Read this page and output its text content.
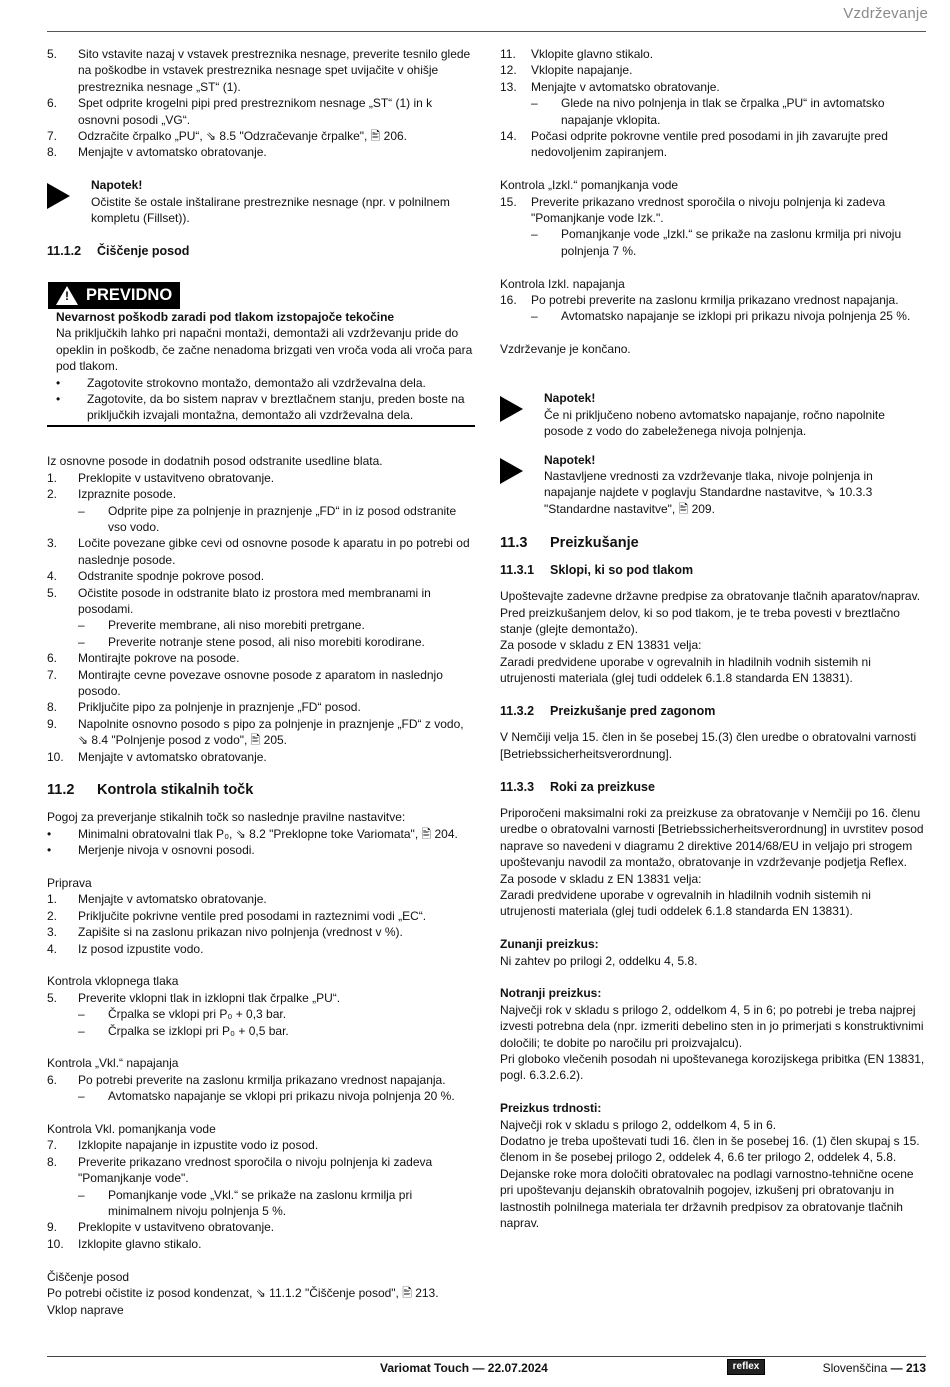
Vzdrževanje
5.	Sito vstavite nazaj v vstavek prestreznika nesnage, preverite tesnilo glede na poškodbe in vstavek prestreznika nesnage spet uvijačite v ohišje prestreznika nesnage „ST“ (1).
6.	Spet odprite krogelni pipi pred prestreznikom nesnage „ST“ (1) in k osnovni posodi „VG“.
7.	Odzračite črpalko „PU“, ⇘ 8.5 "Odzračevanje črpalke", 🖹 206.
8.	Menjajte v avtomatsko obratovanje.
Napotek!
Očistite še ostale inštalirane prestreznike nesnage (npr. v polnilnem kompletu (Fillset)).
11.1.2 Čiščenje posod
! PREVIDNO
Nevarnost poškodb zaradi pod tlakom izstopajoče tekočine
Na priključkih lahko pri napačni montaži, demontaži ali vzdrževanju pride do opeklin in poškodb, če začne nenadoma brizgati ven vroča voda ali vroča para pod tlakom.
•	Zagotovite strokovno montažo, demontažo ali vzdrževalna dela.
•	Zagotovite, da bo sistem naprav v breztlačnem stanju, preden boste na priključkih izvajali montažna, demontažo ali vzdrževalna dela.
Iz osnovne posode in dodatnih posod odstranite usedline blata.
1.	Preklopite v ustavitveno obratovanje.
2.	Izpraznite posode.
–	Odprite pipe za polnjenje in praznjenje „FD“ in iz posod odstranite vso vodo.
3.	Ločite povezane gibke cevi od osnovne posode k aparatu in po potrebi od naslednje posode.
4.	Odstranite spodnje pokrove posod.
5.	Očistite posode in odstranite blato iz prostora med membranami in posodami.
–	Preverite membrane, ali niso morebiti pretrgane.
–	Preverite notranje stene posod, ali niso morebiti korodirane.
6.	Montirajte pokrove na posode.
7.	Montirajte cevne povezave osnovne posode z aparatom in naslednjo posodo.
8.	Priključite pipo za polnjenje in praznjenje „FD“ posod.
9.	Napolnite osnovno posodo s pipo za polnjenje in praznjenje „FD“ z vodo, ⇘ 8.4 "Polnjenje posod z vodo", 🖹 205.
10.	Menjajte v avtomatsko obratovanje.
11.2 Kontrola stikalnih točk
Pogoj za preverjanje stikalnih točk so naslednje pravilne nastavitve:
•	Minimalni obratovalni tlak P₀, ⇘ 8.2 "Preklopne toke Variomata", 🖹 204.
•	Merjenje nivoja v osnovni posodi.
Priprava
1.	Menjajte v avtomatsko obratovanje.
2.	Priključite pokrivne ventile pred posodami in razteznimi vodi „EC“.
3.	Zapišite si na zaslonu prikazan nivo polnjenja (vrednost v %).
4.	Iz posod izpustite vodo.
Kontrola vklopnega tlaka
5.	Preverite vklopni tlak in izklopni tlak črpalke „PU“.
–	Črpalka se vklopi pri P₀ + 0,3 bar.
–	Črpalka se izklopi pri P₀ + 0,5 bar.
Kontrola „Vkl.“ napajanja
6.	Po potrebi preverite na zaslonu krmilja prikazano vrednost napajanja.
–	Avtomatsko napajanje se vklopi pri prikazu nivoja polnjenja 20 %.
Kontrola Vkl. pomanjkanja vode
7.	Izklopite napajanje in izpustite vodo iz posod.
8.	Preverite prikazano vrednost sporočila o nivoju polnjenja ki zadeva "Pomanjkanje vode".
–	Pomanjkanje vode „Vkl.“ se prikaže na zaslonu krmilja pri minimalnem nivoju polnjenja 5 %.
9.	Preklopite v ustavitveno obratovanje.
10.	Izklopite glavno stikalo.
Čiščenje posod
Po potrebi očistite iz posod kondenzat, ⇘ 11.1.2 "Čiščenje posod", 🖹 213.
Vklop naprave
11.	Vklopite glavno stikalo.
12.	Vklopite napajanje.
13.	Menjajte v avtomatsko obratovanje.
–	Glede na nivo polnjenja in tlak se črpalka „PU“ in avtomatsko napajanje vklopita.
14.	Počasi odprite pokrovne ventile pred posodami in jih zavarujte pred nedovoljenim zapiranjem.
Kontrola „Izkl.“ pomanjkanja vode
15.	Preverite prikazano vrednost sporočila o nivoju polnjenja ki zadeva "Pomanjkanje vode Izk.".
–	Pomanjkanje vode „Izkl.“ se prikaže na zaslonu krmilja pri nivoju polnjenja 7 %.
Kontrola Izkl. napajanja
16.	Po potrebi preverite na zaslonu krmilja prikazano vrednost napajanja.
–	Avtomatsko napajanje se izklopi pri prikazu nivoja polnjenja 25 %.
Vzdrževanje je končano.
Napotek!
Če ni priključeno nobeno avtomatsko napajanje, ročno napolnite posode z vodo do zabeleženega nivoja polnjenja.
Napotek!
Nastavljene vrednosti za vzdrževanje tlaka, nivoje polnjenja in napajanje najdete v poglavju Standardne nastavitve, ⇘ 10.3.3 "Standardne nastavitve", 🖹 209.
11.3 Preizkušanje
11.3.1 Sklopi, ki so pod tlakom
Upoštevajte zadevne državne predpise za obratovanje tlačnih aparatov/naprav. Pred preizkušanjem delov, ki so pod tlakom, je te treba povesti v breztlačno stanje (glejte demontažo).
Za posode v skladu z EN 13831 velja:
Zaradi predvidene uporabe v ogrevalnih in hladilnih vodnih sistemih ni utrujenosti materiala (glej tudi oddelek 6.1.8 standarda EN 13831).
11.3.2 Preizkušanje pred zagonom
V Nemčiji velja 15. člen in še posebej 15.(3) člen uredbe o obratovalni varnosti [Betriebssicherheitsverordnung].
11.3.3 Roki za preizkuse
Priporočeni maksimalni roki za preizkuse za obratovanje v Nemčiji po 16. členu uredbe o obratovalni varnosti [Betriebssicherheitsverordnung] in uvrstitev posod naprave so navedeni v diagramu 2 direktive 2014/68/EU in veljajo pri strogem upoštevanju navodil za montažo, obratovanje in vzdrževanje podjetja Reflex.
Za posode v skladu z EN 13831 velja:
Zaradi predvidene uporabe v ogrevalnih in hladilnih vodnih sistemih ni utrujenosti materiala (glej tudi oddelek 6.1.8 standarda EN 13831).
Zunanji preizkus:
Ni zahtev po prilogi 2, oddelku 4, 5.8.
Notranji preizkus:
Največji rok v skladu s prilogo 2, oddelkom 4, 5 in 6; po potrebi je treba najprej izvesti potrebna dela (npr. izmeriti debelino sten in jo primerjati s konstruktivnimi določili; te dobite po naročilu pri proizvajalcu).
Pri globoko vlečenih posodah ni upoštevanega korozijskega pribitka (EN 13831, pogl. 6.3.2.6.2).
Preizkus trdnosti:
Največji rok v skladu s prilogo 2, oddelkom 4, 5 in 6.
Dodatno je treba upoštevati tudi 16. člen in še posebej 16. (1) člen skupaj s 15. členom in še posebej prilogo 2, oddelek 4, 6.6 ter prilogo 2, oddelek 4, 5.8.
Dejanske roke mora določiti obratovalec na podlagi varnostno-tehnične ocene pri upoštevanju dejanskih obratovalnih pogojev, izkušenj pri obratovanju in lastnostih polnilnega materiala ter državnih predpisov za obratovanje tlačnih naprav.
Variomat Touch — 22.07.2024	reflex	Slovenščina — 213
